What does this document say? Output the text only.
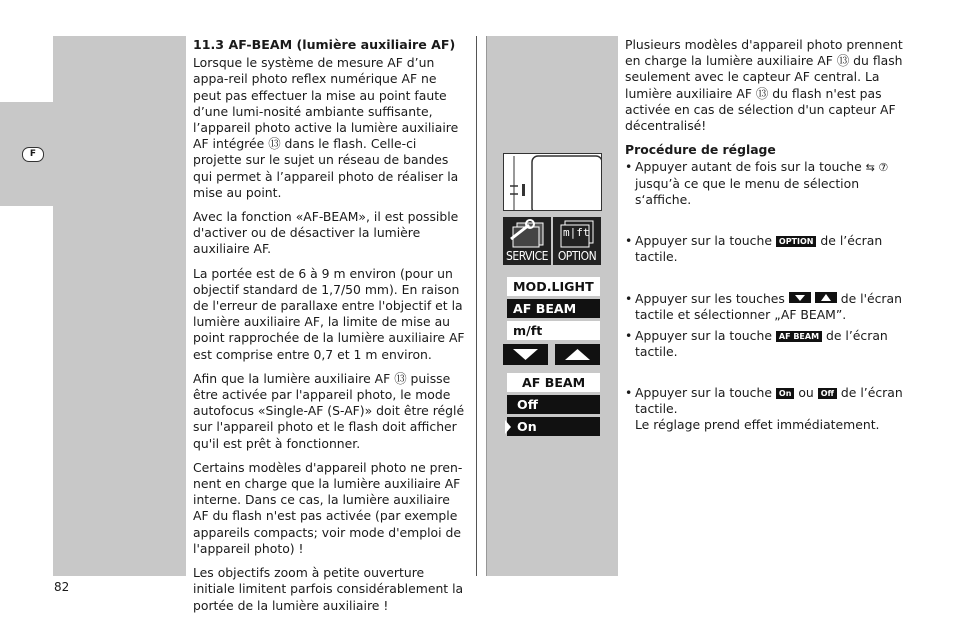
F
11.3 AF-BEAM (lumière auxiliaire AF)

Lorsque le système de mesure AF d’un appa-reil photo reflex numérique AF ne peut pas effectuer la mise au point faute d’une lumi-nosité ambiante suffisante, l’appareil photo active la lumière auxiliaire AF intégrée ⑬ dans le flash. Celle-ci projette sur le sujet un réseau de bandes qui permet à l’appareil photo de réaliser la mise au point.

Avec la fonction «AF-BEAM», il est possible d'activer ou de désactiver la lumière auxiliaire AF.

La portée est de 6 à 9 m environ (pour un objectif standard de 1,7/50 mm). En raison de l'erreur de parallaxe entre l'objectif et la lumière auxiliaire AF, la limite de mise au point rapprochée de la lumière auxiliaire AF est comprise entre 0,7 et 1 m environ.

Afin que la lumière auxiliaire AF ⑬ puisse être activée par l'appareil photo, le mode autofocus «Single-AF (S-AF)» doit être réglé sur l'appareil photo et le flash doit afficher qu'il est prêt à fonctionner.

Certains modèles d'appareil photo ne pren-nent en charge que la lumière auxiliaire AF interne. Dans ce cas, la lumière auxiliaire AF du flash n'est pas activée (par exemple appareils compacts; voir mode d'emploi de l'appareil photo) !

Les objectifs zoom à petite ouverture initiale limitent parfois considérablement la portée de la lumière auxiliaire !

SERVICE
m|ft
OPTION
MOD.LIGHT
AF BEAM
m/ft
AF BEAM
Off
On

Plusieurs modèles d'appareil photo prennent en charge la lumière auxiliaire AF ⑬ du flash seulement avec le capteur AF central. La lumière auxiliaire AF ⑬ du flash n'est pas activée en cas de sélection d'un capteur AF décentralisé!

Procédure de réglage
• Appuyer autant de fois sur la touche ⇆ ⑦ jusqu’à ce que le menu de sélection s‘affiche.
• Appuyer sur la touche OPTION de l’écran tactile.
• Appuyer sur les touches
	de l'écran tactile et sélectionner „AF BEAM”.
• Appuyer sur la touche AF BEAM de l’écran tactile.
• Appuyer sur la touche On ou Off de l’écran tactile.
Le réglage prend effet immédiatement.
82
